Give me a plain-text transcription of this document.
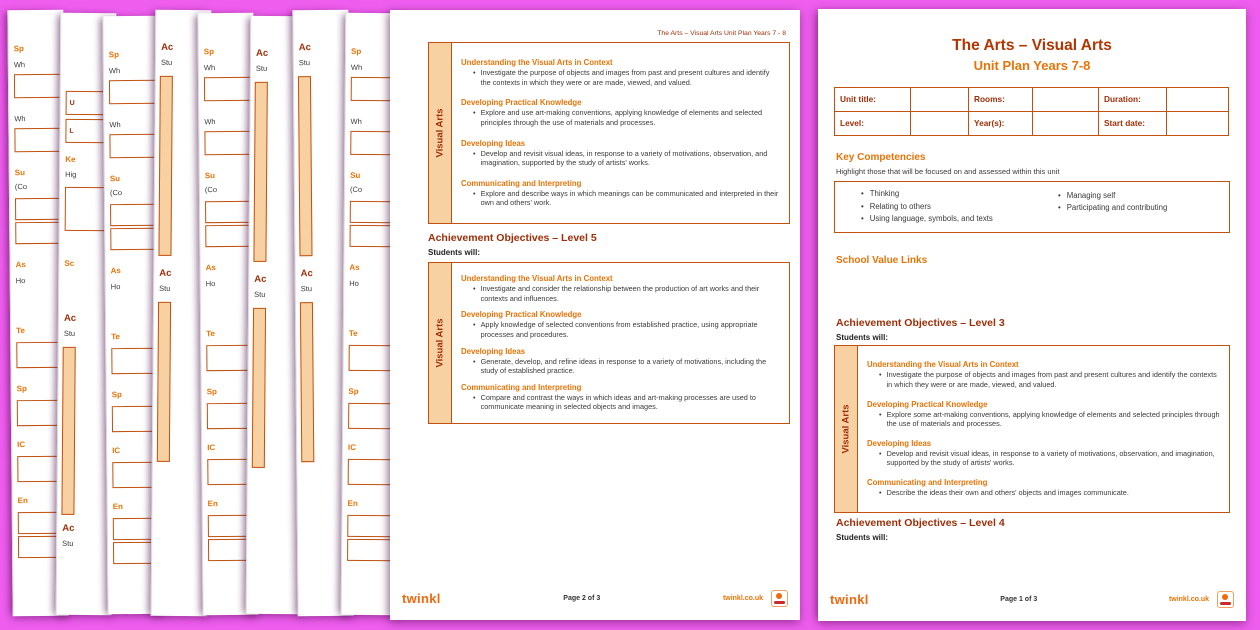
Sp
Wh
Wh
Su
(Co
As
Ho
Te
Sp
IC
En
U
L
Ke
Hig
Sc
Ac
Stu
Ac
Stu
Sp
Wh
Wh
Su
(Co
As
Ho
Te
Sp
IC
En
Ac
Stu
Ac
Stu
Sp
Wh
Wh
Su
(Co
As
Ho
Te
Sp
IC
En
Ac
Stu
Ac
Stu
Ac
Stu
Ac
Stu
Sp
Wh
Wh
Su
(Co
As
Ho
Te
Sp
IC
En
The Arts – Visual Arts Unit Plan Years 7 - 8
Visual Arts
Understanding the Visual Arts in Context
• Investigate the purpose of objects and images from past and present cultures and identify the contexts in which they were or are made, viewed, and valued.
Developing Practical Knowledge
• Explore and use art-making conventions, applying knowledge of elements and selected principles through the use of materials and processes.
Developing Ideas
• Develop and revisit visual ideas, in response to a variety of motivations, observation, and imagination, supported by the study of artists' works.
Communicating and Interpreting
• Explore and describe ways in which meanings can be communicated and interpreted in their own and others' work.
Achievement Objectives – Level 5
Students will:
Visual Arts
Understanding the Visual Arts in Context
• Investigate and consider the relationship between the production of art works and their contexts and influences.
Developing Practical Knowledge
• Apply knowledge of selected conventions from established practice, using appropriate processes and procedures.
Developing Ideas
• Generate, develop, and refine ideas in response to a variety of motivations, including the study of established practice.
Communicating and Interpreting
• Compare and contrast the ways in which ideas and art-making processes are used to communicate meaning in selected objects and images.
twinkl	Page 2 of 3	twinkl.co.uk
The Arts – Visual Arts
Unit Plan Years 7-8
Unit title:	Rooms:	Duration:
Level:	Year(s):	Start date:
Key Competencies
Highlight those that will be focused on and assessed within this unit
• Thinking
• Relating to others
• Using language, symbols, and texts
• Managing self
• Participating and contributing
School Value Links
Achievement Objectives – Level 3
Students will:
Visual Arts
Understanding the Visual Arts in Context
• Investigate the purpose of objects and images from past and present cultures and identify the contexts in which they were or are made, viewed, and valued.
Developing Practical Knowledge
• Explore some art-making conventions, applying knowledge of elements and selected principles through the use of materials and processes.
Developing Ideas
• Develop and revisit visual ideas, in response to a variety of motivations, observation, and imagination, supported by the study of artists' works.
Communicating and Interpreting
• Describe the ideas their own and others' objects and images communicate.
Achievement Objectives – Level 4
Students will:
twinkl	Page 1 of 3	twinkl.co.uk
